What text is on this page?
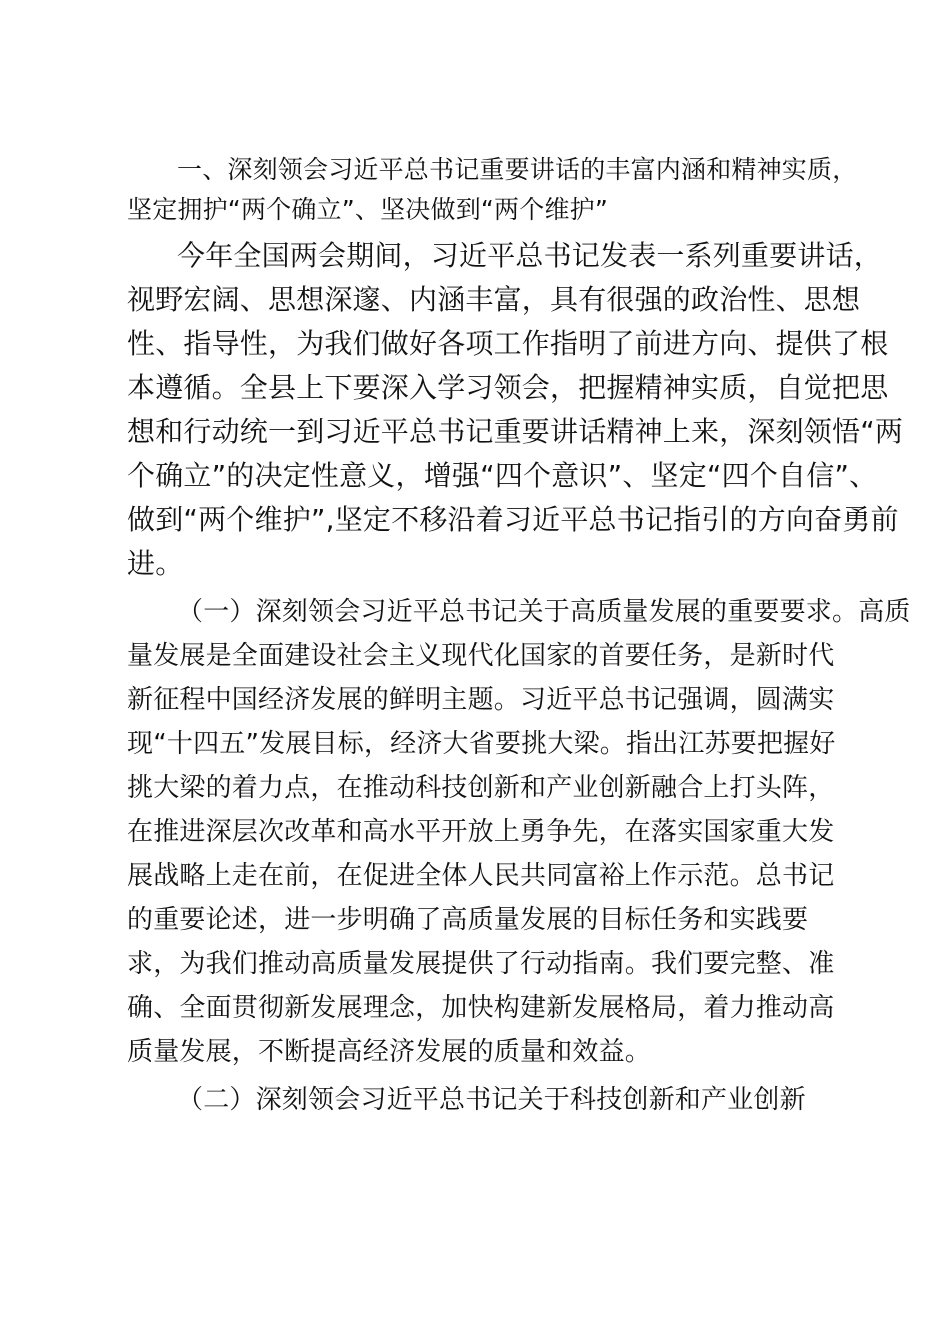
一、深刻领会习近平总书记重要讲话的丰富内涵和精神实质，
坚定拥护“两个确立”、坚决做到“两个维护”
今年全国两会期间，习近平总书记发表一系列重要讲话，
视野宏阔、思想深邃、内涵丰富，具有很强的政治性、思想
性、指导性，为我们做好各项工作指明了前进方向、提供了根
本遵循。全县上下要深入学习领会，把握精神实质，自觉把思
想和行动统一到习近平总书记重要讲话精神上来，深刻领悟“两
个确立”的决定性意义，增强“四个意识”、坚定“四个自信”、
做到“两个维护”,坚定不移沿着习近平总书记指引的方向奋勇前
进。
（一）深刻领会习近平总书记关于高质量发展的重要要求。高质
量发展是全面建设社会主义现代化国家的首要任务，是新时代
新征程中国经济发展的鲜明主题。习近平总书记强调，圆满实
现“十四五”发展目标，经济大省要挑大梁。指出江苏要把握好
挑大梁的着力点，在推动科技创新和产业创新融合上打头阵，
在推进深层次改革和高水平开放上勇争先，在落实国家重大发
展战略上走在前，在促进全体人民共同富裕上作示范。总书记
的重要论述，进一步明确了高质量发展的目标任务和实践要
求，为我们推动高质量发展提供了行动指南。我们要完整、准
确、全面贯彻新发展理念，加快构建新发展格局，着力推动高
质量发展，不断提高经济发展的质量和效益。
（二）深刻领会习近平总书记关于科技创新和产业创新
